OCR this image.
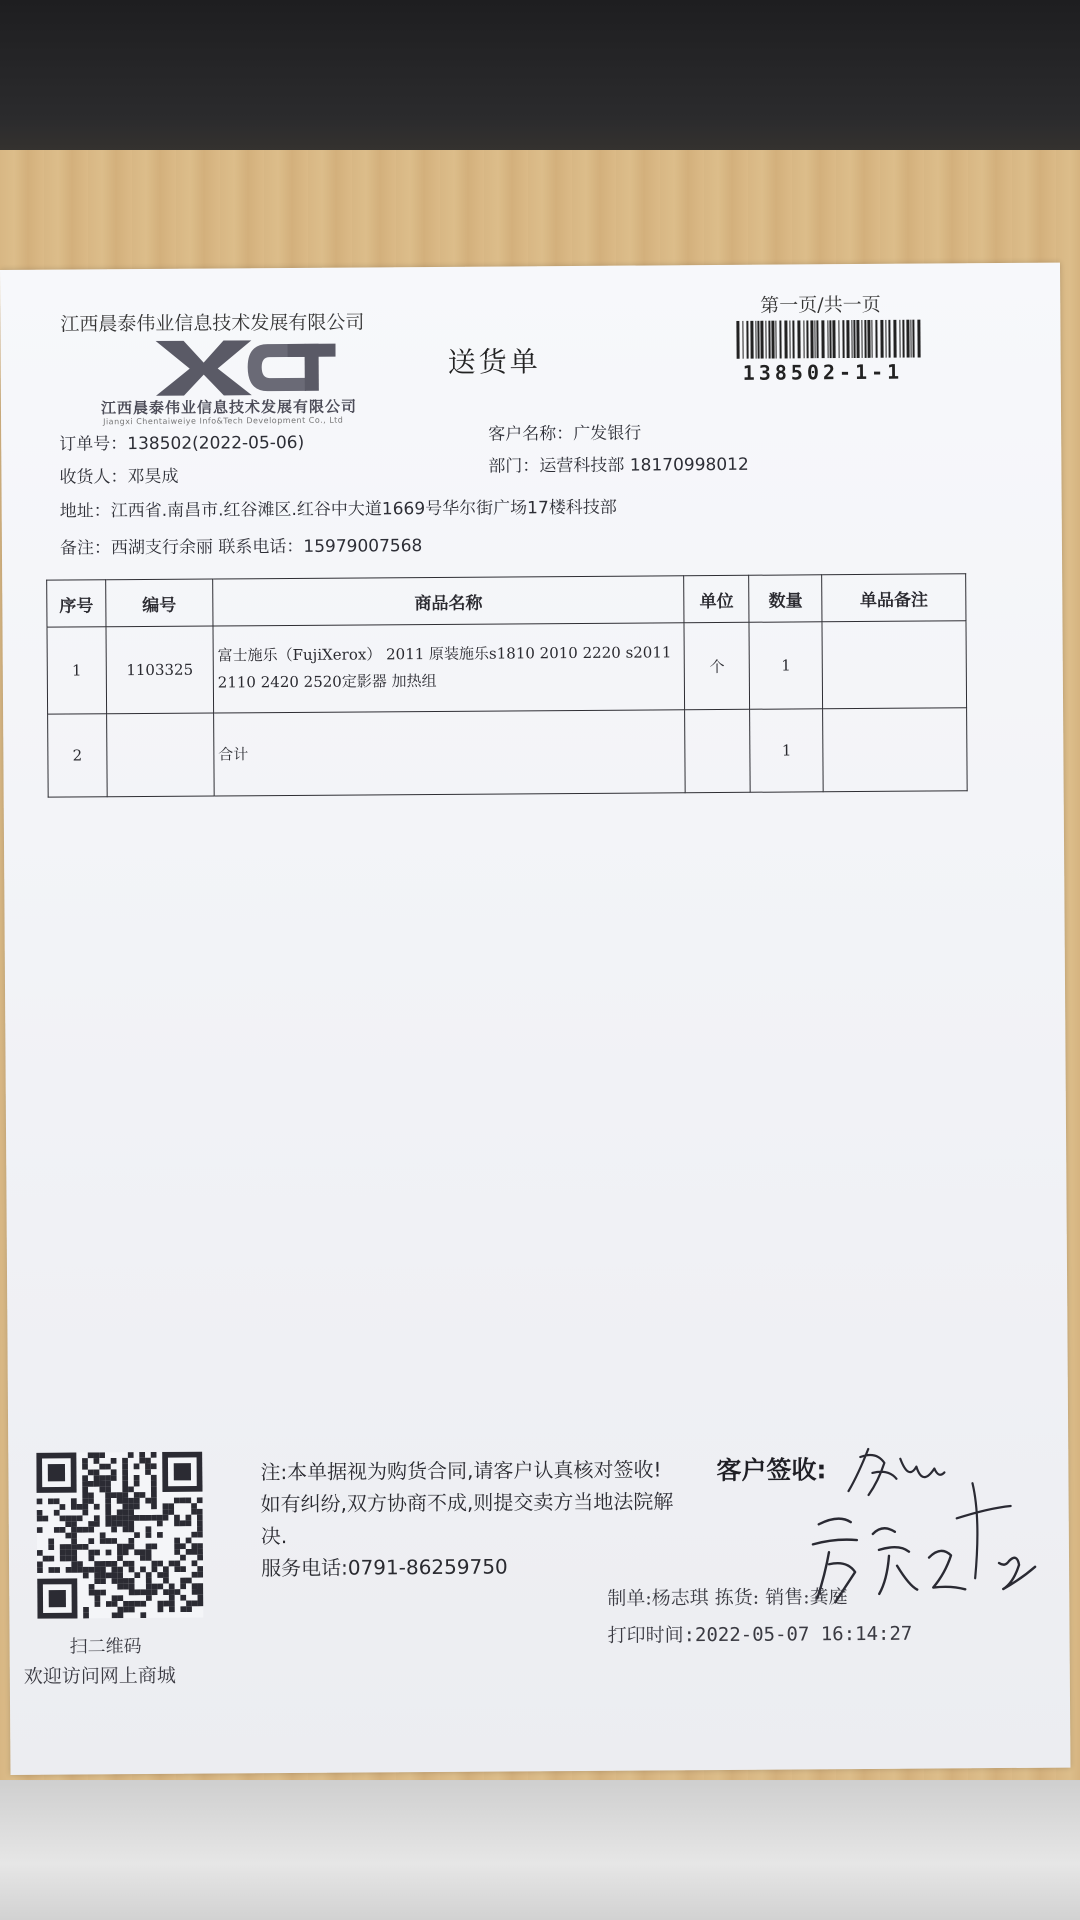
江西晨泰伟业信息技术发展有限公司
江西晨泰伟业信息技术发展有限公司
Jiangxi Chentaiweiye Info&Tech Development Co., Ltd
送货单
第一页/共一页
138502-1-1
订单号：138502(2022-05-06)
收货人：邓昊成
地址：江西省.南昌市.红谷滩区.红谷中大道1669号华尔街广场17楼科技部
备注：西湖支行余丽 联系电话：15979007568
客户名称：广发银行
部门：运营科技部 18170998012
序号	编号	商品名称	单位	数量	单品备注
1	1103325	富士施乐（FujiXerox） 2011 原装施乐s1810 2010 2220 s2011 2110 2420 2520定影器 加热组	个	1	
2		合计		1	
扫二维码
欢迎访问网上商城
注:本单据视为购货合同,请客户认真核对签收!如有纠纷,双方协商不成,则提交卖方当地法院解决.
服务电话:0791-86259750
客户签收:
制单:杨志琪 拣货: 销售:龚庭
打印时间:2022-05-07 16:14:27
